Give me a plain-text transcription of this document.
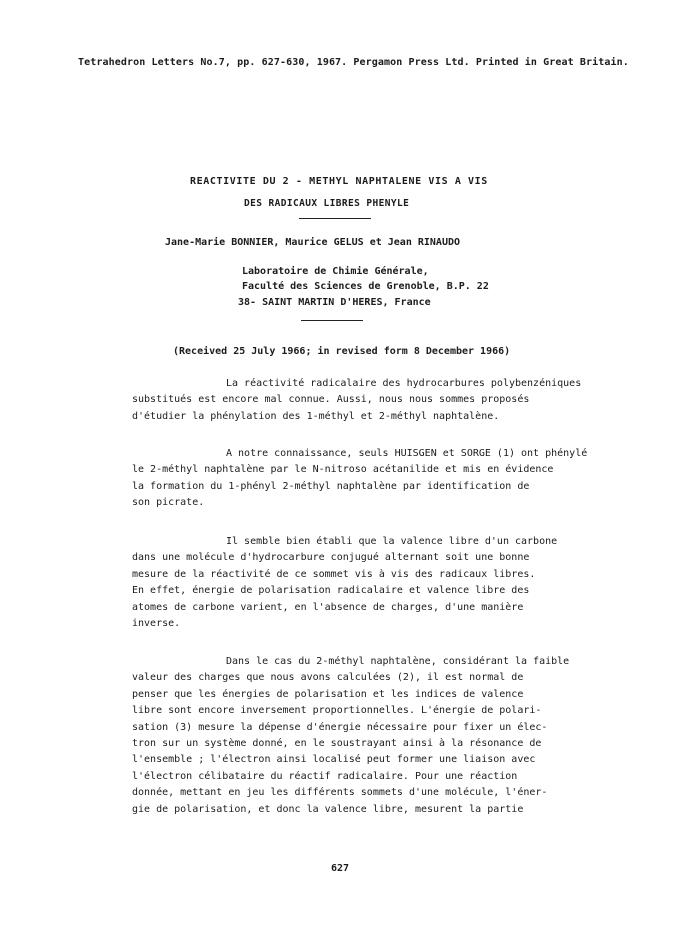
Tetrahedron Letters No.7, pp. 627-630, 1967. Pergamon Press Ltd. Printed in Great Britain.
REACTIVITE DU 2 - METHYL NAPHTALENE VIS A VIS
DES RADICAUX LIBRES PHENYLE
Jane-Marie BONNIER, Maurice GELUS et Jean RINAUDO
Laboratoire de Chimie Générale,
Faculté des Sciences de Grenoble, B.P. 22
38- SAINT MARTIN D'HERES, France
(Received 25 July 1966; in revised form 8 December 1966)
La réactivité radicalaire des hydrocarbures polybenzéniques
substitués est encore mal connue. Aussi, nous nous sommes proposés
d'étudier la phénylation des 1-méthyl et 2-méthyl naphtalène.
A notre connaissance, seuls HUISGEN et SORGE (1) ont phénylé
le 2-méthyl naphtalène par le N-nitroso acétanilide et mis en évidence
la formation du 1-phényl 2-méthyl naphtalène par identification de
son picrate.
Il semble bien établi que la valence libre d'un carbone
dans une molécule d'hydrocarbure conjugué alternant soit une bonne
mesure de la réactivité de ce sommet vis à vis des radicaux libres.
En effet, énergie de polarisation radicalaire et valence libre des
atomes de carbone varient, en l'absence de charges, d'une manière
inverse.
Dans le cas du 2-méthyl naphtalène, considérant la faible
valeur des charges que nous avons calculées (2), il est normal de
penser que les énergies de polarisation et les indices de valence
libre sont encore inversement proportionnelles. L'énergie de polari-
sation (3) mesure la dépense d'énergie nécessaire pour fixer un élec-
tron sur un système donné, en le soustrayant ainsi à la résonance de
l'ensemble ; l'électron ainsi localisé peut former une liaison avec
l'électron célibataire du réactif radicalaire. Pour une réaction
donnée, mettant en jeu les différents sommets d'une molécule, l'éner-
gie de polarisation, et donc la valence libre, mesurent la partie
627
